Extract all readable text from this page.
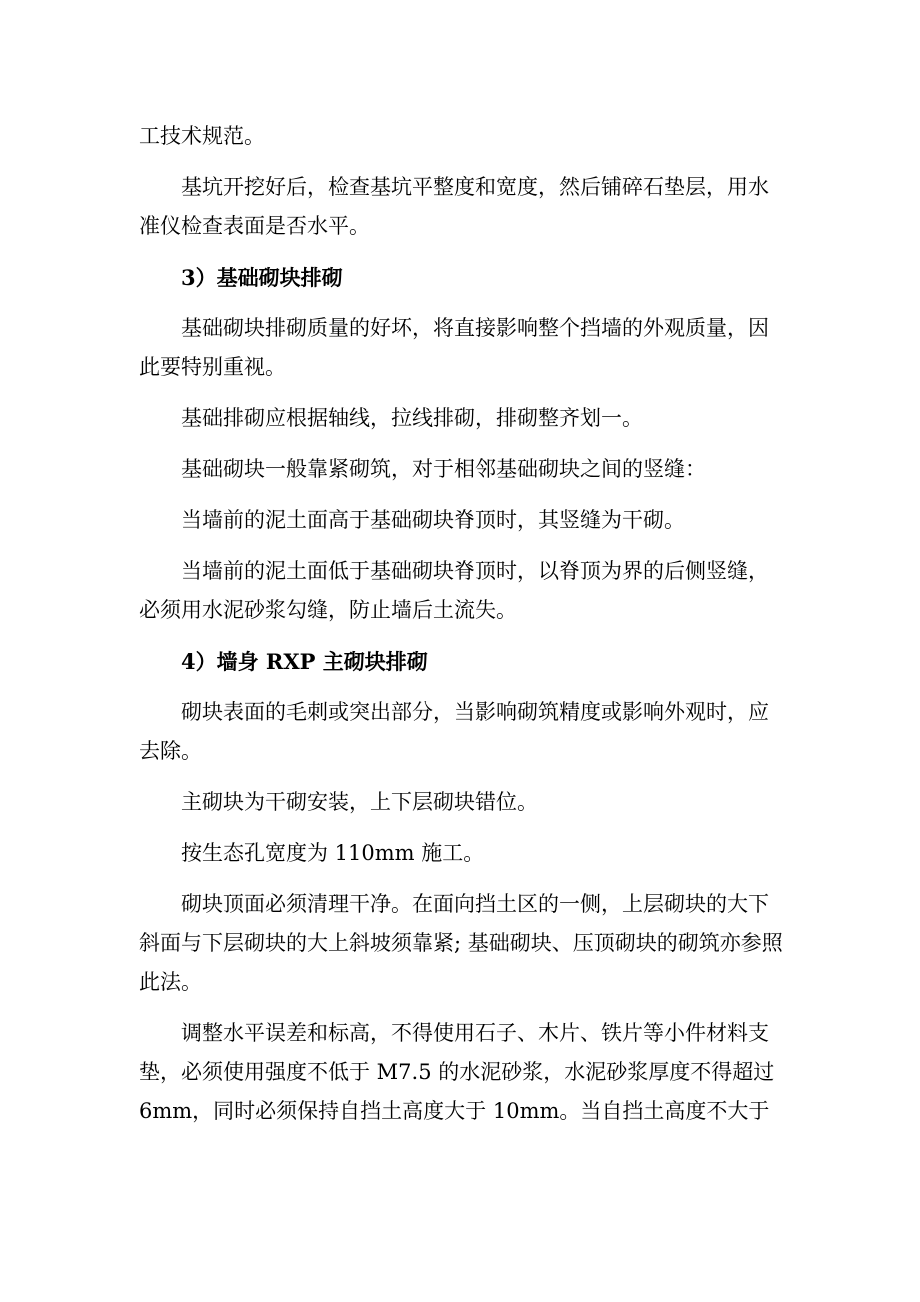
工技术规范。

基坑开挖好后，检查基坑平整度和宽度，然后铺碎石垫层，用水准仪检查表面是否水平。

3）基础砌块排砌

基础砌块排砌质量的好坏，将直接影响整个挡墙的外观质量，因此要特别重视。

基础排砌应根据轴线，拉线排砌，排砌整齐划一。

基础砌块一般靠紧砌筑，对于相邻基础砌块之间的竖缝：

当墙前的泥土面高于基础砌块脊顶时，其竖缝为干砌。

当墙前的泥土面低于基础砌块脊顶时，以脊顶为界的后侧竖缝，必须用水泥砂浆勾缝，防止墙后土流失。

4）墙身 RXP 主砌块排砌

砌块表面的毛刺或突出部分，当影响砌筑精度或影响外观时，应去除。

主砌块为干砌安装，上下层砌块错位。

按生态孔宽度为 110mm 施工。

砌块顶面必须清理干净。在面向挡土区的一侧，上层砌块的大下斜面与下层砌块的大上斜坡须靠紧; 基础砌块、压顶砌块的砌筑亦参照此法。

调整水平误差和标高，不得使用石子、木片、铁片等小件材料支垫，必须使用强度不低于 M7.5 的水泥砂浆，水泥砂浆厚度不得超过 6mm，同时必须保持自挡土高度大于 10mm。当自挡土高度不大于
